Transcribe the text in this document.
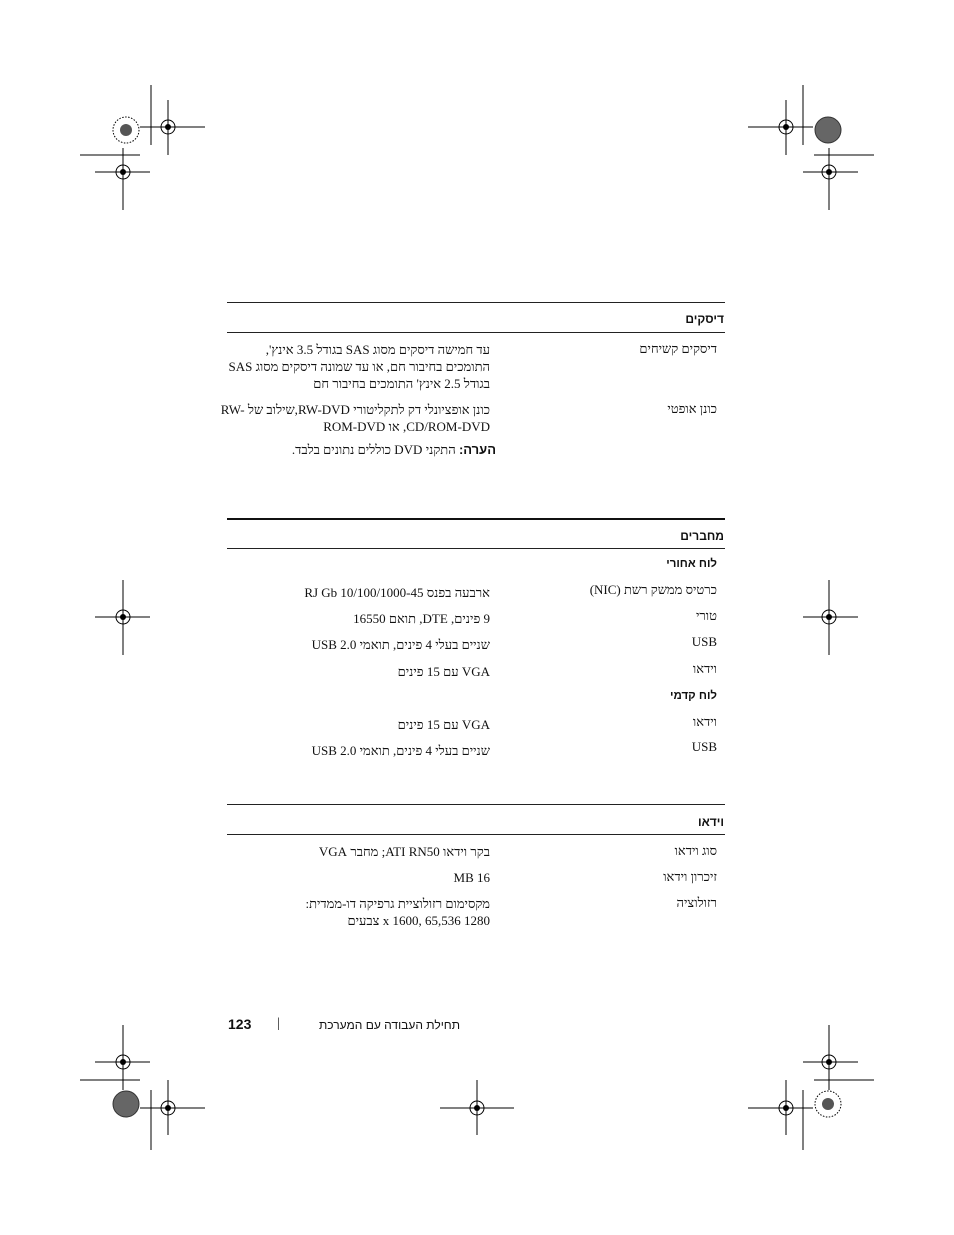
דיסקים
דיסקים קשיחים
עד חמישה דיסקים מסוג SAS בגודל 3.5 אינץ', התומכים בחיבור חם, או עד שמונה דיסקים מסוג SAS בגודל 2.5 אינץ' התומכים בחיבור חם
כונן אופטי
כונן אופציונלי דק לתקליטורי RW-DVD,שילוב של RW-CD/ROM-DVD, או ROM-DVD
הערה: התקני DVD כוללים נתונים בלבד.
מחברים
לוח אחורי
כרטיס ממשק רשת (NIC)
ארבעה בפנס 45-RJ Gb 10/100/1000
טורי
9 פינים, DTE, תואם 16550
USB
שניים בעלי 4 פינים, תואמי USB 2.0
וידאו
VGA עם 15 פינים
לוח קדמי
וידאו
VGA עם 15 פינים
USB
שניים בעלי 4 פינים, תואמי USB 2.0
וידאו
סוג וידאו
בקר וידאו ATI RN50; מחבר VGA
זיכרון וידאו
16 MB
רזולוציה
מקסימום רזולוציית גרפיקה דו-ממדית: 1280 x 1600, 65,536 צבעים
123 |	תחילת העבודה עם המערכת
